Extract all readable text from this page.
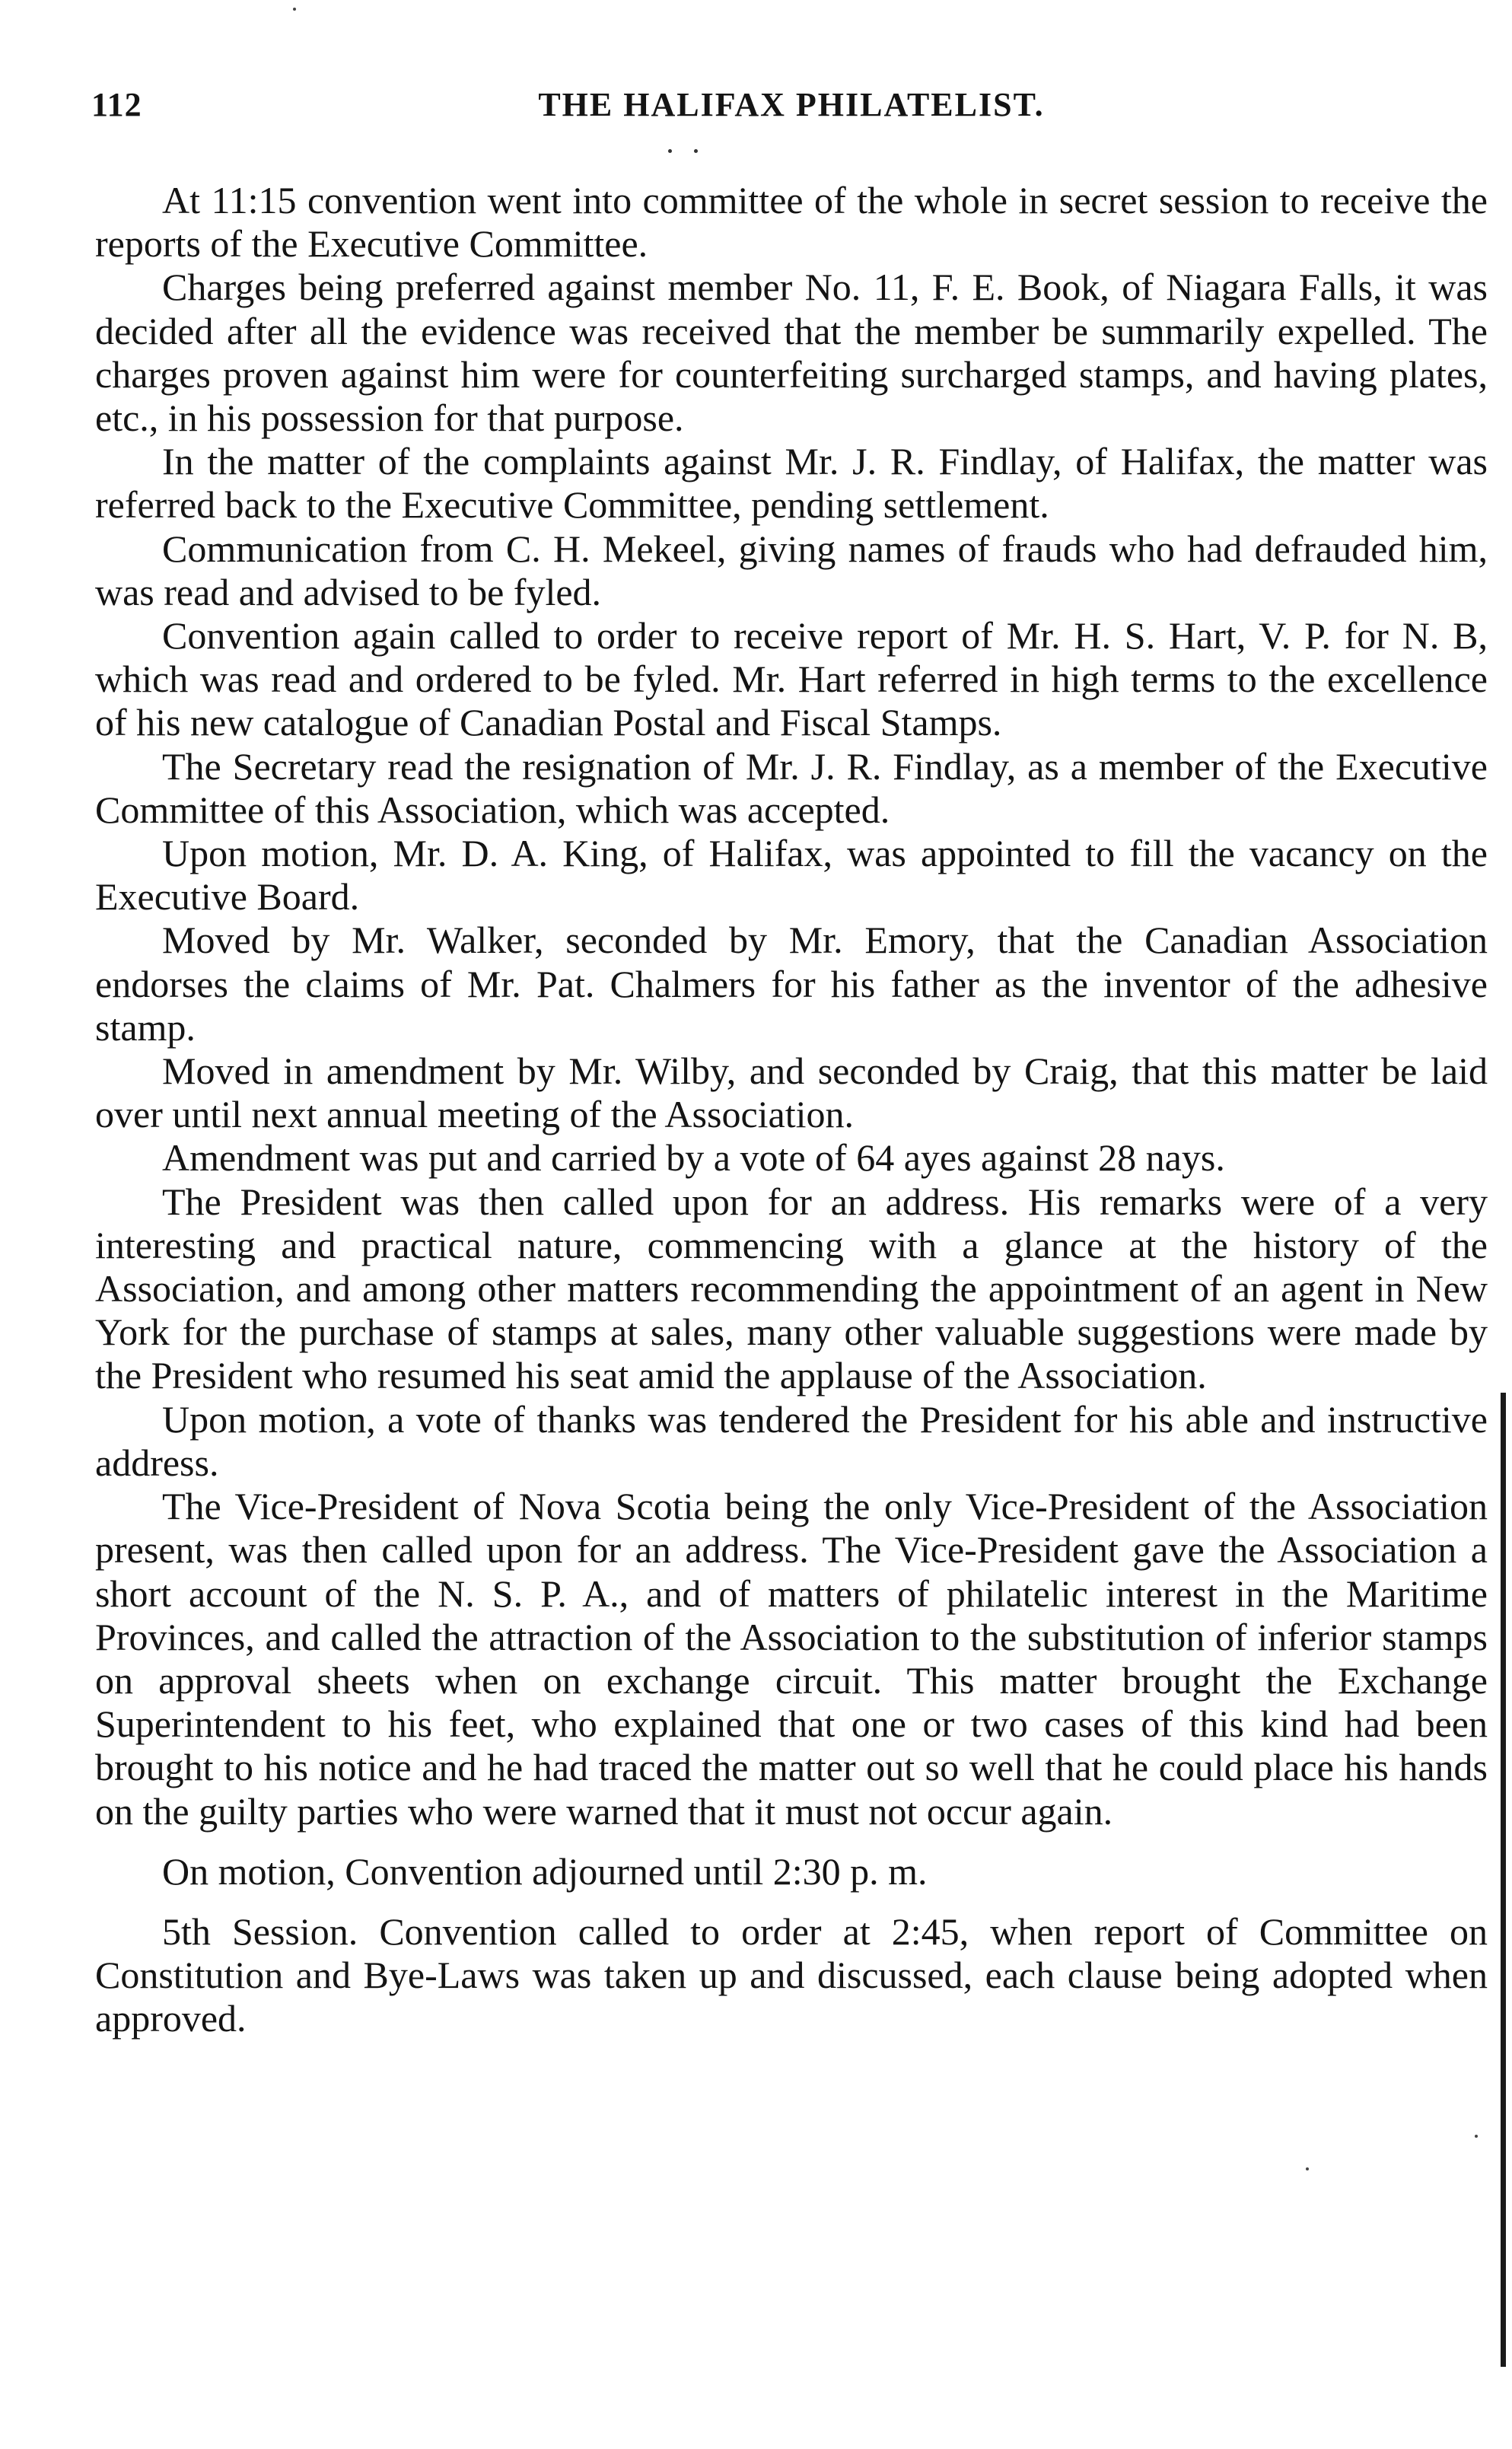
112	THE HALIFAX PHILATELIST.

At 11:15 convention went into committee of the whole in secret session to receive the reports of the Executive Committee.

Charges being preferred against member No. 11, F. E. Book, of Niagara Falls, it was decided after all the evidence was received that the member be summarily expelled. The charges proven against him were for counterfeiting surcharged stamps, and having plates, etc., in his possession for that purpose.

In the matter of the complaints against Mr. J. R. Findlay, of Halifax, the matter was referred back to the Executive Committee, pending settlement.

Communication from C. H. Mekeel, giving names of frauds who had defrauded him, was read and advised to be fyled.

Convention again called to order to receive report of Mr. H. S. Hart, V. P. for N. B, which was read and ordered to be fyled. Mr. Hart referred in high terms to the excellence of his new catalogue of Canadian Postal and Fiscal Stamps.

The Secretary read the resignation of Mr. J. R. Findlay, as a member of the Executive Committee of this Association, which was accepted.

Upon motion, Mr. D. A. King, of Halifax, was appointed to fill the vacancy on the Executive Board.

Moved by Mr. Walker, seconded by Mr. Emory, that the Canadian Association endorses the claims of Mr. Pat. Chalmers for his father as the inventor of the adhesive stamp.

Moved in amendment by Mr. Wilby, and seconded by Craig, that this matter be laid over until next annual meeting of the Association.

Amendment was put and carried by a vote of 64 ayes against 28 nays.

The President was then called upon for an address. His remarks were of a very interesting and practical nature, commencing with a glance at the history of the Association, and among other matters recommending the appointment of an agent in New York for the purchase of stamps at sales, many other valuable suggestions were made by the President who resumed his seat amid the applause of the Association.

Upon motion, a vote of thanks was tendered the President for his able and instructive address.

The Vice-President of Nova Scotia being the only Vice-President of the Association present, was then called upon for an address. The Vice-President gave the Association a short account of the N. S. P. A., and of matters of philatelic interest in the Maritime Provinces, and called the attraction of the Association to the substitution of inferior stamps on approval sheets when on exchange circuit. This matter brought the Exchange Superintendent to his feet, who explained that one or two cases of this kind had been brought to his notice and he had traced the matter out so well that he could place his hands on the guilty parties who were warned that it must not occur again.

On motion, Convention adjourned until 2:30 p. m.

5th Session. Convention called to order at 2:45, when report of Committee on Constitution and Bye-Laws was taken up and discussed, each clause being adopted when approved.
